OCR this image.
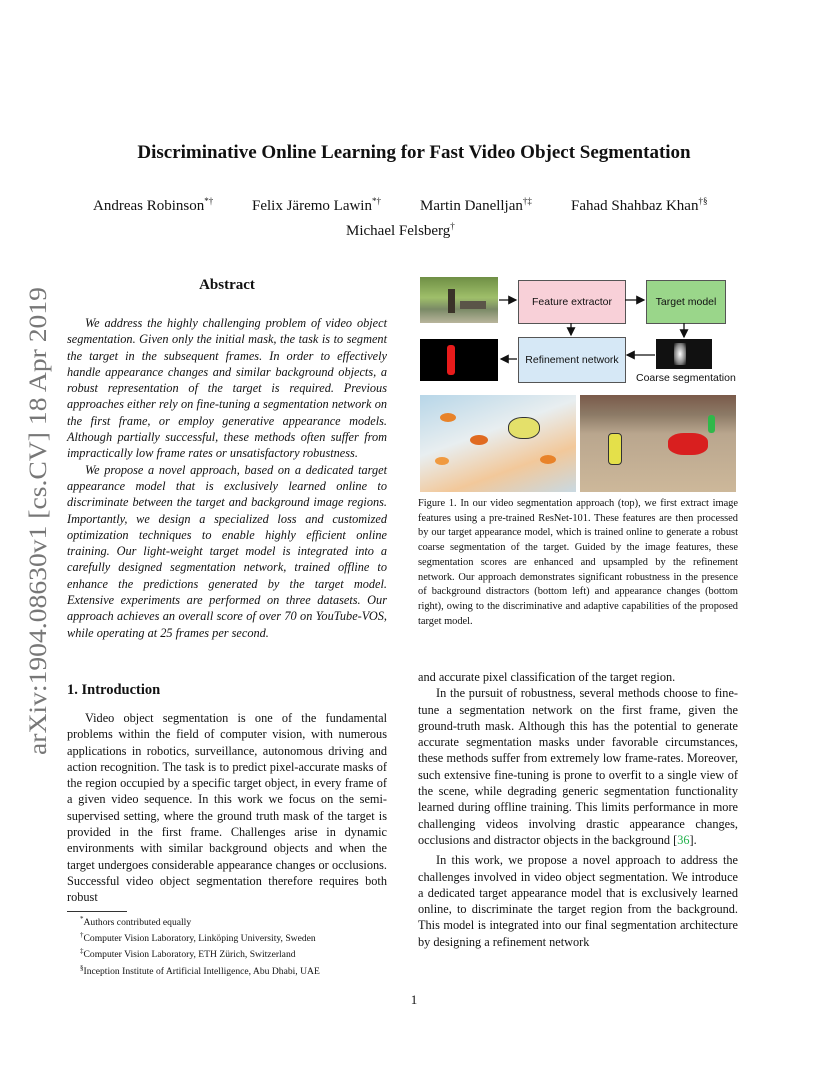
arXiv:1904.08630v1 [cs.CV] 18 Apr 2019
Discriminative Online Learning for Fast Video Object Segmentation
Andreas Robinson*†	Felix Järemo Lawin*†	Martin Danelljan†‡	Fahad Shahbaz Khan†§
Michael Felsberg†
Abstract

We address the highly challenging problem of video object segmentation. Given only the initial mask, the task is to segment the target in the subsequent frames. In order to effectively handle appearance changes and similar background objects, a robust representation of the target is required. Previous approaches either rely on fine-tuning a segmentation network on the first frame, or employ generative appearance models. Although partially successful, these methods often suffer from impractically low frame rates or unsatisfactory robustness.

We propose a novel approach, based on a dedicated target appearance model that is exclusively learned online to discriminate between the target and background image regions. Importantly, we design a specialized loss and customized optimization techniques to enable highly efficient online training. Our light-weight target model is integrated into a carefully designed segmentation network, trained offline to enhance the predictions generated by the target model. Extensive experiments are performed on three datasets. Our approach achieves an overall score of over 70 on YouTube-VOS, while operating at 25 frames per second.

1. Introduction

Video object segmentation is one of the fundamental problems within the field of computer vision, with numerous applications in robotics, surveillance, autonomous driving and action recognition. The task is to predict pixel-accurate masks of the region occupied by a specific target object, in every frame of a given video sequence. In this work we focus on the semi-supervised setting, where the ground truth mask of the target is provided in the first frame. Challenges arise in dynamic environments with similar background objects and when the target undergoes considerable appearance changes or occlusions. Successful video object segmentation therefore requires both robust

*Authors contributed equally
†Computer Vision Laboratory, Linköping University, Sweden
‡Computer Vision Laboratory, ETH Zürich, Switzerland
§Inception Institute of Artificial Intelligence, Abu Dhabi, UAE
Feature extractor	Target model
Refinement network
Coarse segmentation
Figure 1. In our video segmentation approach (top), we first extract image features using a pre-trained ResNet-101. These features are then processed by our target appearance model, which is trained online to generate a robust coarse segmentation of the target. Guided by the image features, these segmentation scores are enhanced and upsampled by the refinement network. Our approach demonstrates significant robustness in the presence of background distractors (bottom left) and appearance changes (bottom right), owing to the discriminative and adaptive capabilities of the proposed target model.

and accurate pixel classification of the target region.

In the pursuit of robustness, several methods choose to fine-tune a segmentation network on the first frame, given the ground-truth mask. Although this has the potential to generate accurate segmentation masks under favorable circumstances, these methods suffer from extremely low frame-rates. Moreover, such extensive fine-tuning is prone to overfit to a single view of the scene, while degrading generic segmentation functionality learned during offline training. This limits performance in more challenging videos involving drastic appearance changes, occlusions and distractor objects in the background [36].

In this work, we propose a novel approach to address the challenges involved in video object segmentation. We introduce a dedicated target appearance model that is exclusively learned online, to discriminate the target region from the background. This model is integrated into our final segmentation architecture by designing a refinement network

1
